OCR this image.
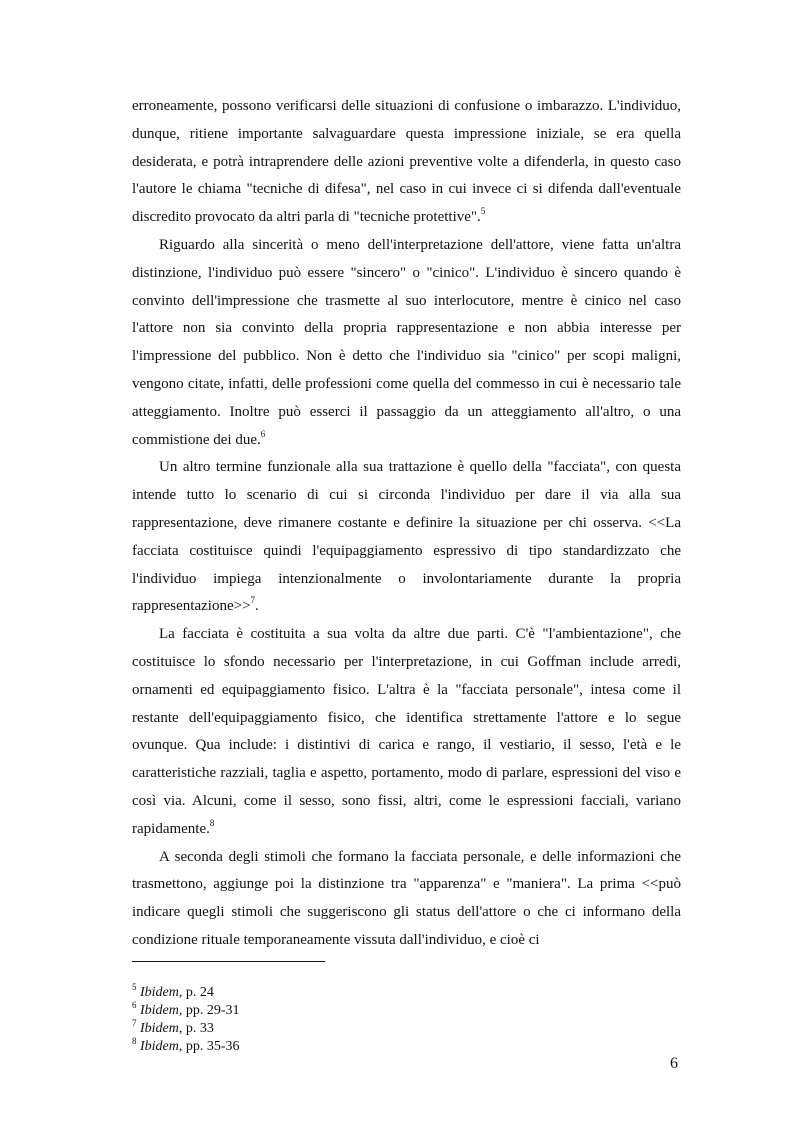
erroneamente, possono verificarsi delle situazioni di confusione o imbarazzo. L'individuo, dunque, ritiene importante salvaguardare questa impressione iniziale, se era quella desiderata, e potrà intraprendere delle azioni preventive volte a difenderla, in questo caso l'autore le chiama "tecniche di difesa", nel caso in cui invece ci si difenda dall'eventuale discredito provocato da altri parla di "tecniche protettive".$^5$

Riguardo alla sincerità o meno dell'interpretazione dell'attore, viene fatta un'altra distinzione, l'individuo può essere "sincero" o "cinico". L'individuo è sincero quando è convinto dell'impressione che trasmette al suo interlocutore, mentre è cinico nel caso l'attore non sia convinto della propria rappresentazione e non abbia interesse per l'impressione del pubblico. Non è detto che l'individuo sia "cinico" per scopi maligni, vengono citate, infatti, delle professioni come quella del commesso in cui è necessario tale atteggiamento. Inoltre può esserci il passaggio da un atteggiamento all'altro, o una commistione dei due.$^6$

Un altro termine funzionale alla sua trattazione è quello della "facciata", con questa intende tutto lo scenario di cui si circonda l'individuo per dare il via alla sua rappresentazione, deve rimanere costante e definire la situazione per chi osserva. <<La facciata costituisce quindi l'equipaggiamento espressivo di tipo standardizzato che l'individuo impiega intenzionalmente o involontariamente durante la propria rappresentazione>>$^7$.

La facciata è costituita a sua volta da altre due parti. C'è "l'ambientazione", che costituisce lo sfondo necessario per l'interpretazione, in cui Goffman include arredi, ornamenti ed equipaggiamento fisico. L'altra è la "facciata personale", intesa come il restante dell'equipaggiamento fisico, che identifica strettamente l'attore e lo segue ovunque. Qua include: i distintivi di carica e rango, il vestiario, il sesso, l'età e le caratteristiche razziali, taglia e aspetto, portamento, modo di parlare, espressioni del viso e così via. Alcuni, come il sesso, sono fissi, altri, come le espressioni facciali, variano rapidamente.$^8$

A seconda degli stimoli che formano la facciata personale, e delle informazioni che trasmettono, aggiunge poi la distinzione tra "apparenza" e "maniera". La prima <<può indicare quegli stimoli che suggeriscono gli status dell'attore o che ci informano della condizione rituale temporaneamente vissuta dall'individuo, e cioè ci

$^5$ Ibidem, p. 24
$^6$ Ibidem, pp. 29-31
$^7$ Ibidem, p. 33
$^8$ Ibidem, pp. 35-36
6
